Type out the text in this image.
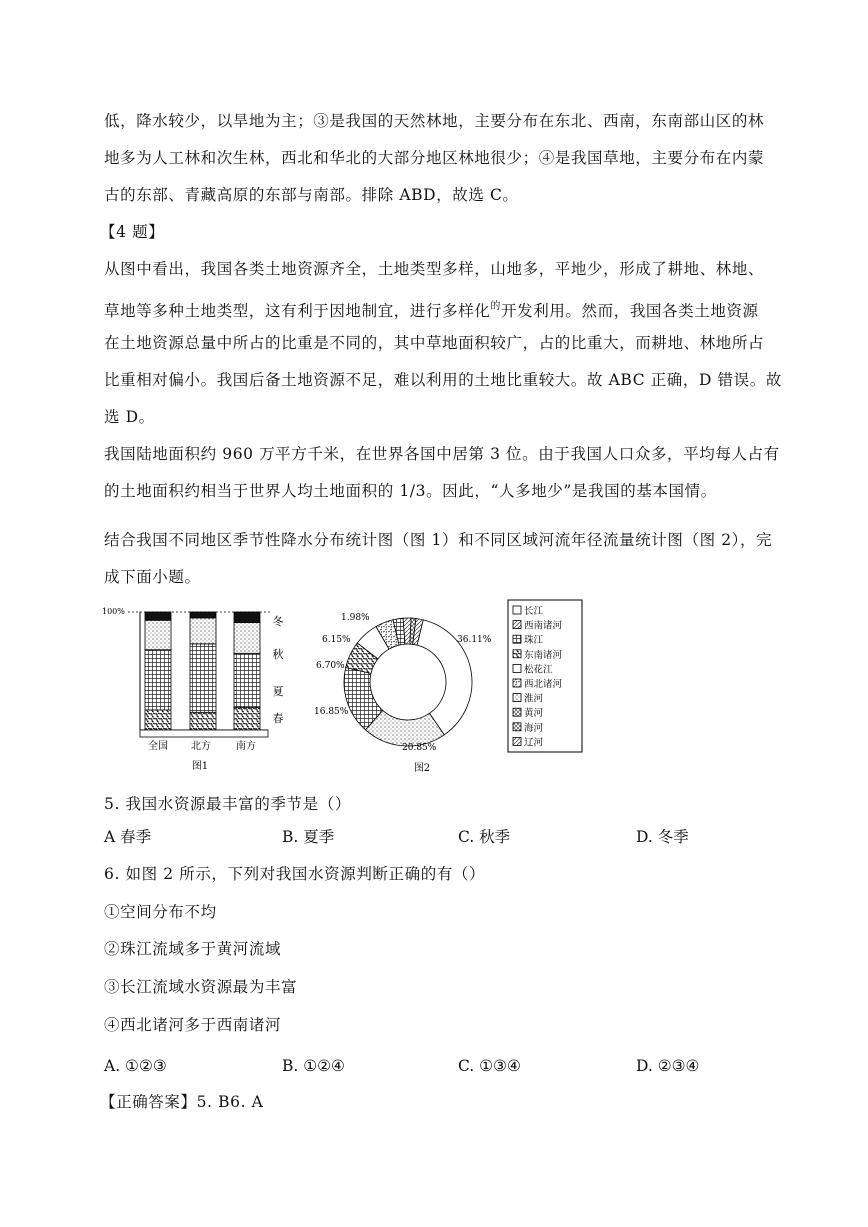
低，降水较少，以旱地为主；③是我国的天然林地，主要分布在东北、西南，东南部山区的林
地多为人工林和次生林，西北和华北的大部分地区林地很少；④是我国草地，主要分布在内蒙
古的东部、青藏高原的东部与南部。排除 ABD，故选 C。
【4 题】
从图中看出，我国各类土地资源齐全，土地类型多样，山地多，平地少，形成了耕地、林地、
草地等多种土地类型，这有利于因地制宜，进行多样化$^的$开发利用。然而，我国各类土地资源
在土地资源总量中所占的比重是不同的，其中草地面积较广，占的比重大，而耕地、林地所占
比重相对偏小。我国后备土地资源不足，难以利用的土地比重较大。故 ABC 正确，D 错误。故
选 D。
我国陆地面积约 960 万平方千米，在世界各国中居第 3 位。由于我国人口众多，平均每人占有
的土地面积约相当于世界人均土地面积的 1/3。因此，“人多地少”是我国的基本国情。
结合我国不同地区季节性降水分布统计图（图 1）和不同区域河流年径流量统计图（图 2），完
成下面小题。
100%
全国 北方	南方
冬
秋
夏
春
图1
36.11%
20.85%
16.85%
6.70%
6.15%
1.98%
图2
长江
西南诸河
珠江
东南诸河
松花江
西北诸河
淮河
黄河
海河
辽河
5. 我国水资源最丰富的季节是（）
A 春季	B. 夏季	C. 秋季	D. 冬季
6. 如图 2 所示，下列对我国水资源判断正确的有（）
①空间分布不均
②珠江流域多于黄河流域
③长江流域水资源最为丰富
④西北诸河多于西南诸河
A. ①②③	B. ①②④	C. ①③④	D. ②③④
【正确答案】5. B6. A
